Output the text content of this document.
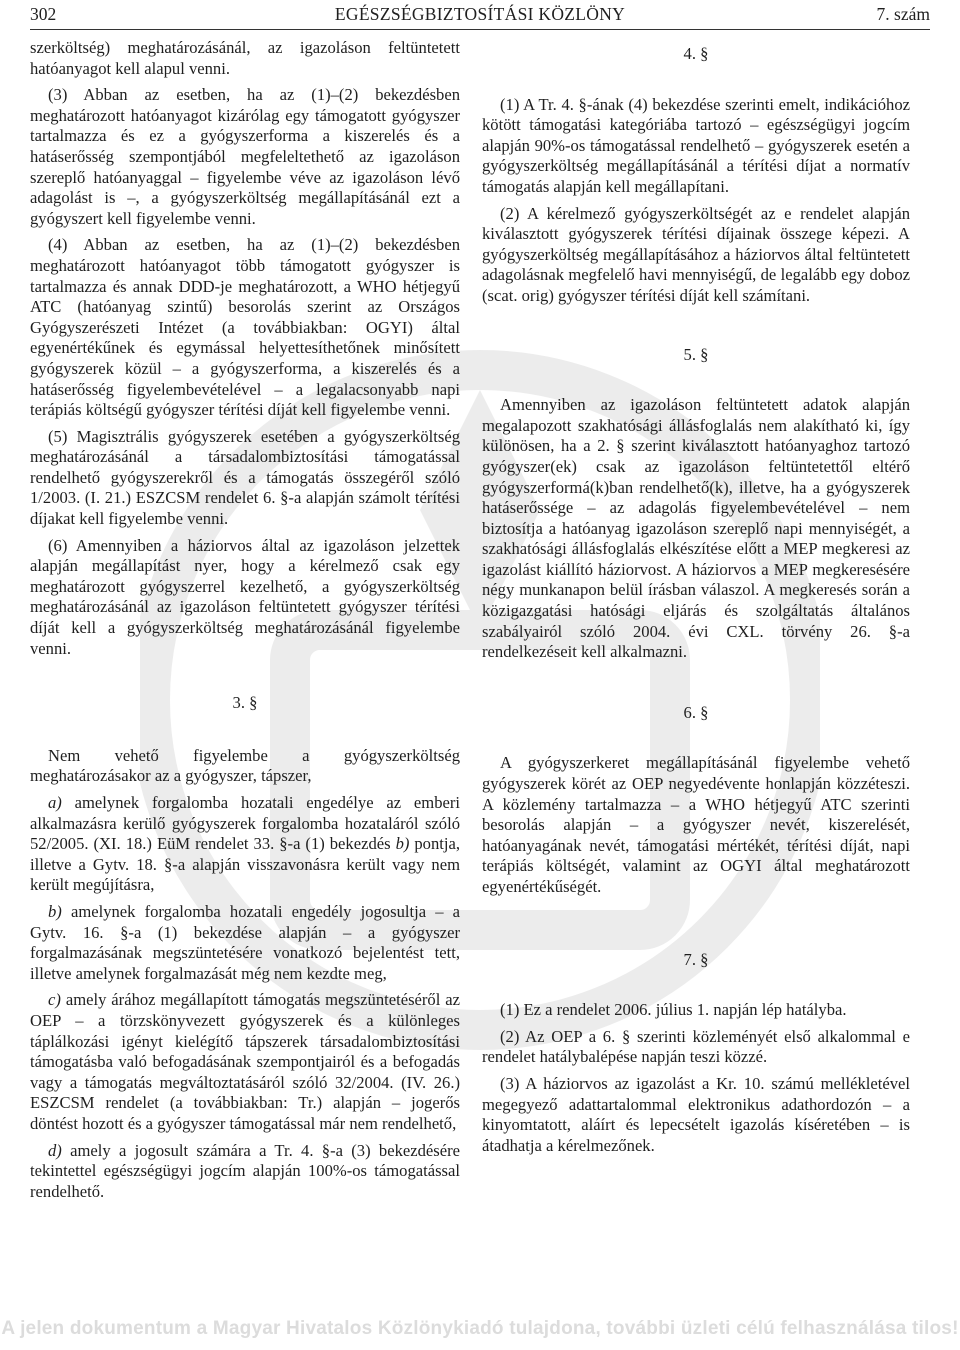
302	EGÉSZSÉGBIZTOSÍTÁSI KÖZLÖNY	7. szám

szerköltség) meghatározásánál, az igazoláson feltüntetett hatóanyagot kell alapul venni.

(3) Abban az esetben, ha az (1)–(2) bekezdésben meghatározott hatóanyagot kizárólag egy támogatott gyógyszer tartalmazza és ez a gyógyszerforma a kiszerelés és a hatáserősség szempontjából megfeleltethető az igazoláson szereplő hatóanyaggal – figyelembe véve az igazoláson lévő adagolást is –, a gyógyszerköltség megállapításánál ezt a gyógyszert kell figyelembe venni.

(4) Abban az esetben, ha az (1)–(2) bekezdésben meghatározott hatóanyagot több támogatott gyógyszer is tartalmazza és annak DDD-je meghatározott, a WHO hétjegyű ATC (hatóanyag szintű) besorolás szerint az Országos Gyógyszerészeti Intézet (a továbbiakban: OGYI) által egyenértékűnek és egymással helyettesíthetőnek minősített gyógyszerek közül – a gyógyszerforma, a kiszerelés és a hatáserősség figyelembevételével – a legalacsonyabb napi terápiás költségű gyógyszer térítési díját kell figyelembe venni.

(5) Magisztrális gyógyszerek esetében a gyógyszerköltség meghatározásánál a társadalombiztosítási támogatással rendelhető gyógyszerekről és a támogatás összegéről szóló 1/2003. (I. 21.) ESZCSM rendelet 6. §-a alapján számolt térítési díjakat kell figyelembe venni.

(6) Amennyiben a háziorvos által az igazoláson jelzettek alapján megállapítást nyer, hogy a kérelmező csak egy meghatározott gyógyszerrel kezelhető, a gyógyszerköltség meghatározásánál az igazoláson feltüntetett gyógyszer térítési díját kell a gyógyszerköltség meghatározásánál figyelembe venni.

3. §

Nem vehető figyelembe a gyógyszerköltség meghatározásakor az a gyógyszer, tápszer,

a) amelynek forgalomba hozatali engedélye az emberi alkalmazásra kerülő gyógyszerek forgalomba hozataláról szóló 52/2005. (XI. 18.) EüM rendelet 33. §-a (1) bekezdés b) pontja, illetve a Gytv. 18. §-a alapján visszavonásra került vagy nem került megújításra,

b) amelynek forgalomba hozatali engedély jogosultja – a Gytv. 16. §-a (1) bekezdése alapján – a gyógyszer forgalmazásának megszüntetésére vonatkozó bejelentést tett, illetve amelynek forgalmazását még nem kezdte meg,

c) amely árához megállapított támogatás megszüntetéséről az OEP – a törzskönyvezett gyógyszerek és a különleges táplálkozási igényt kielégítő tápszerek társadalombiztosítási támogatásba való befogadásának szempontjairól és a befogadás vagy a támogatás megváltoztatásáról szóló 32/2004. (IV. 26.) ESZCSM rendelet (a továbbiakban: Tr.) alapján – jogerős döntést hozott és a gyógyszer támogatással már nem rendelhető,

d) amely a jogosult számára a Tr. 4. §-a (3) bekezdésére tekintettel egészségügyi jogcím alapján 100%-os támogatással rendelhető.

4. §

(1) A Tr. 4. §-ának (4) bekezdése szerinti emelt, indikációhoz kötött támogatási kategóriába tartozó – egészségügyi jogcím alapján 90%-os támogatással rendelhető – gyógyszerek esetén a gyógyszerköltség megállapításánál a térítési díjat a normatív támogatás alapján kell megállapítani.

(2) A kérelmező gyógyszerköltségét az e rendelet alapján kiválasztott gyógyszerek térítési díjainak összege képezi. A gyógyszerköltség megállapításához a háziorvos által feltüntetett adagolásnak megfelelő havi mennyiségű, de legalább egy doboz (scat. orig) gyógyszer térítési díját kell számítani.

5. §

Amennyiben az igazoláson feltüntetett adatok alapján megalapozott szakhatósági állásfoglalás nem alakítható ki, így különösen, ha a 2. § szerint kiválasztott hatóanyaghoz tartozó gyógyszer(ek) csak az igazoláson feltüntetettől eltérő gyógyszerformá(k)ban rendelhető(k), illetve, ha a gyógyszerek hatáserőssége – az adagolás figyelembevételével – nem biztosítja a hatóanyag igazoláson szereplő napi mennyiségét, a szakhatósági állásfoglalás elkészítése előtt a MEP megkeresi az igazolást kiállító háziorvost. A háziorvos a MEP megkeresésére négy munkanapon belül írásban válaszol. A megkeresés során a közigazgatási hatósági eljárás és szolgáltatás általános szabályairól szóló 2004. évi CXL. törvény 26. §-a rendelkezéseit kell alkalmazni.

6. §

A gyógyszerkeret megállapításánál figyelembe vehető gyógyszerek körét az OEP negyedévente honlapján közzéteszi. A közlemény tartalmazza – a WHO hétjegyű ATC szerinti besorolás alapján – a gyógyszer nevét, kiszerelését, hatóanyagának nevét, támogatási mértékét, térítési díját, napi terápiás költségét, valamint az OGYI által meghatározott egyenértékűségét.

7. §

(1) Ez a rendelet 2006. július 1. napján lép hatályba.

(2) Az OEP a 6. § szerinti közleményét első alkalommal e rendelet hatálybalépése napján teszi közzé.

(3) A háziorvos az igazolást a Kr. 10. számú mellékletével megegyező adattartalommal elektronikus adathordozón – a kinyomtatott, aláírt és lepecsételt igazolás kíséretében – is átadhatja a kérelmezőnek.

A jelen dokumentum a Magyar Hivatalos Közlönykiadó tulajdona, további üzleti célú felhasználása tilos!
